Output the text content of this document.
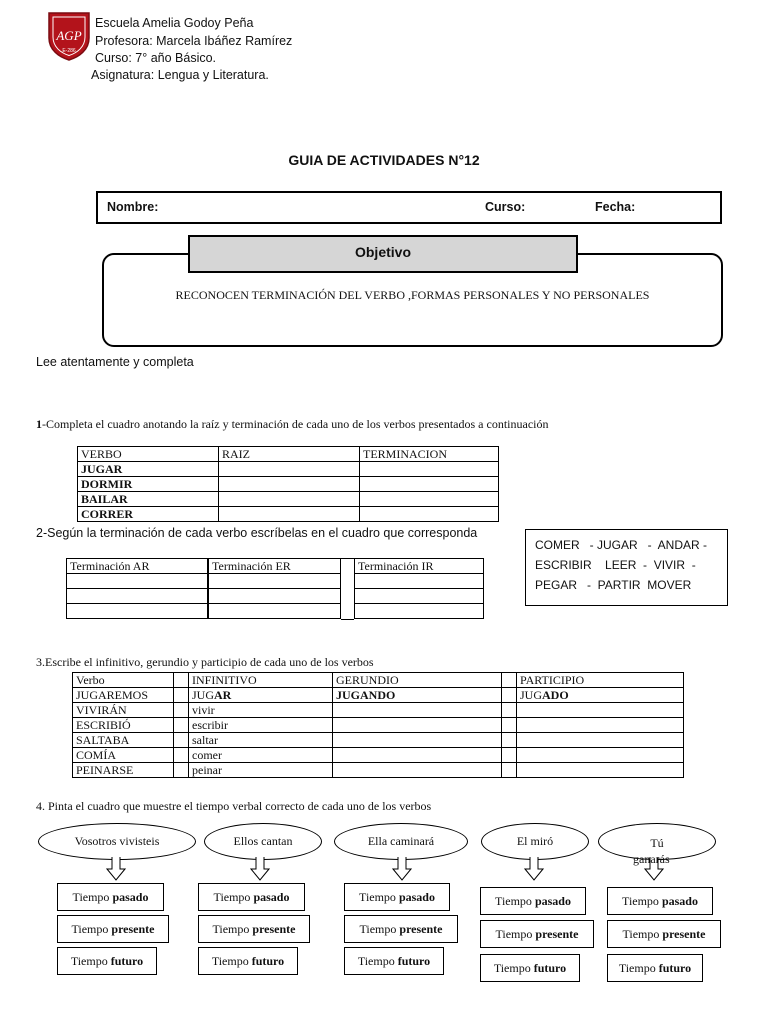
AGP
E-286
Escuela Amelia Godoy Peña
Profesora: Marcela Ibáñez Ramírez
Curso: 7° año Básico.
Asignatura: Lengua y Literatura.
GUIA DE ACTIVIDADES N°12
Nombre:	Curso:	Fecha:
RECONOCEN TERMINACIÓN DEL VERBO ,FORMAS PERSONALES Y NO PERSONALES
Objetivo
Lee atentamente y completa
1-Completa el cuadro anotando la raíz y terminación de cada uno de los verbos presentados a continuación
VERBO	RAIZ	TERMINACION
JUGAR		
DORMIR		
BAILAR		
CORRER		
2-Según la terminación de cada verbo escríbelas en el cuadro que corresponda
Terminación AR	Terminación ER	Terminación IR

COMER   - JUGAR   -  ANDAR -
ESCRIBIR    LEER  -  VIVIR  -
PEGAR   -  PARTIR  MOVER
3.Escribe el infinitivo, gerundio y participio de cada uno de los verbos
Verbo		INFINITIVO	GERUNDIO		PARTICIPIO
JUGAREMOS		JUGAR	JUGANDO		JUGADO
VIVIRÁN		vivir			
ESCRIBIÓ		escribir			
SALTABA		saltar			
COMÍA		comer			
PEINARSE		peinar			
4. Pinta el cuadro que muestre el tiempo verbal correcto de cada uno de los verbos
Vosotros vivisteis	Ellos cantan	Ella caminará	El miró	Tú
ganarás
Tiempo pasado
Tiempo presente
Tiempo futuro
Tiempo pasado
Tiempo presente
Tiempo futuro
Tiempo pasado
Tiempo presente
Tiempo futuro
Tiempo pasado
Tiempo presente
Tiempo futuro
Tiempo pasado
Tiempo presente
Tiempo futuro
